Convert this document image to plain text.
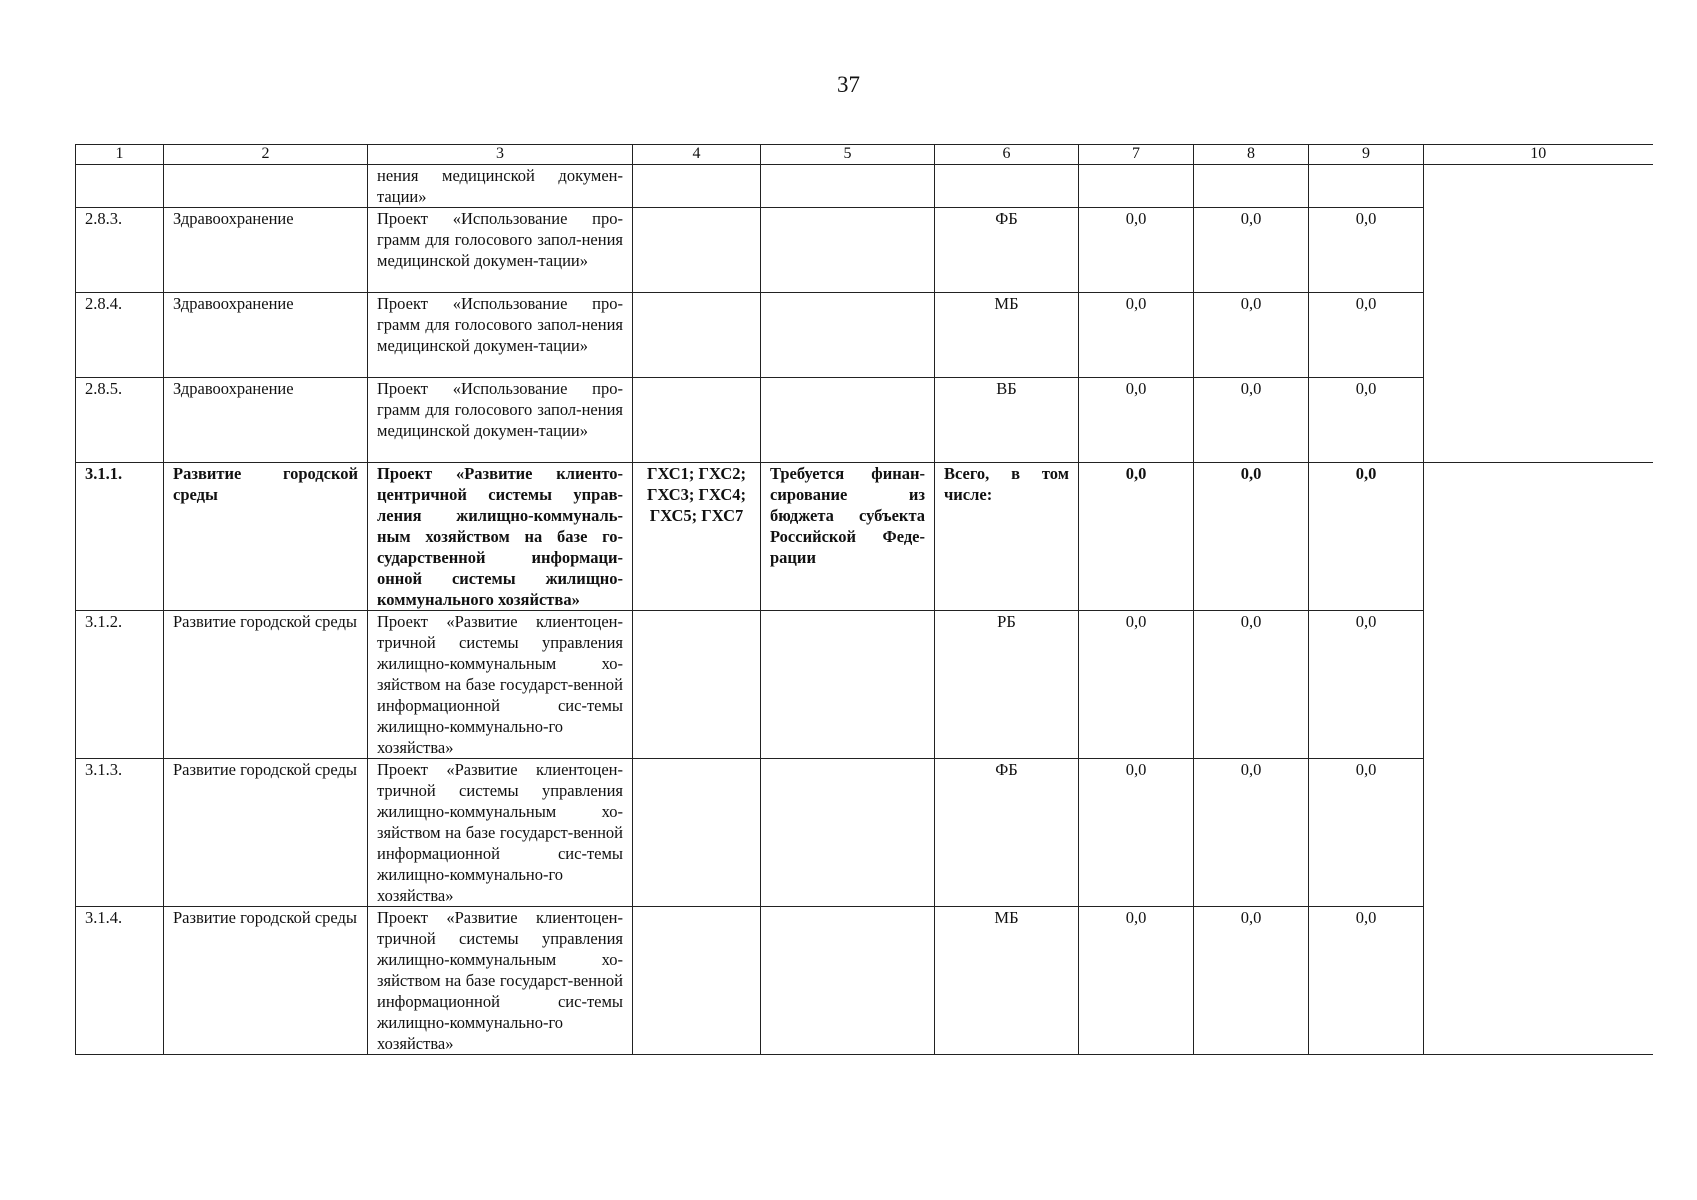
37
1	2	3	4	5	6	7	8	9	10
		нения медицинской докумен-тации»							
2.8.3.	Здравоохранение	Проект «Использование про-грамм для голосового запол-нения медицинской докумен-тации»			ФБ	0,0	0,0	0,0	
2.8.4.	Здравоохранение	Проект «Использование про-грамм для голосового запол-нения медицинской докумен-тации»			МБ	0,0	0,0	0,0	
2.8.5.	Здравоохранение	Проект «Использование про-грамм для голосового запол-нения медицинской докумен-тации»			ВБ	0,0	0,0	0,0	
3.1.1.	Развитие городской среды	Проект «Развитие клиенто-центричной системы управ-ления жилищно-коммуналь-ным хозяйством на базе го-сударственной информаци-онной системы жилищно-коммунального хозяйства»	ГХС1; ГХС2; ГХС3; ГХС4; ГХС5; ГХС7	Требуется финан-сирование из бюджета субъекта Российской Феде-рации	Всего, в том числе:	0,0	0,0	0,0	
3.1.2.	Развитие городской среды	Проект «Развитие клиентоцен-тричной системы управления жилищно-коммунальным хо-зяйством на базе государст-венной информационной сис-темы жилищно-коммунально-го хозяйства»			РБ	0,0	0,0	0,0	
3.1.3.	Развитие городской среды	Проект «Развитие клиентоцен-тричной системы управления жилищно-коммунальным хо-зяйством на базе государст-венной информационной сис-темы жилищно-коммунально-го хозяйства»			ФБ	0,0	0,0	0,0	
3.1.4.	Развитие городской среды	Проект «Развитие клиентоцен-тричной системы управления жилищно-коммунальным хо-зяйством на базе государст-венной информационной сис-темы жилищно-коммунально-го хозяйства»			МБ	0,0	0,0	0,0	
